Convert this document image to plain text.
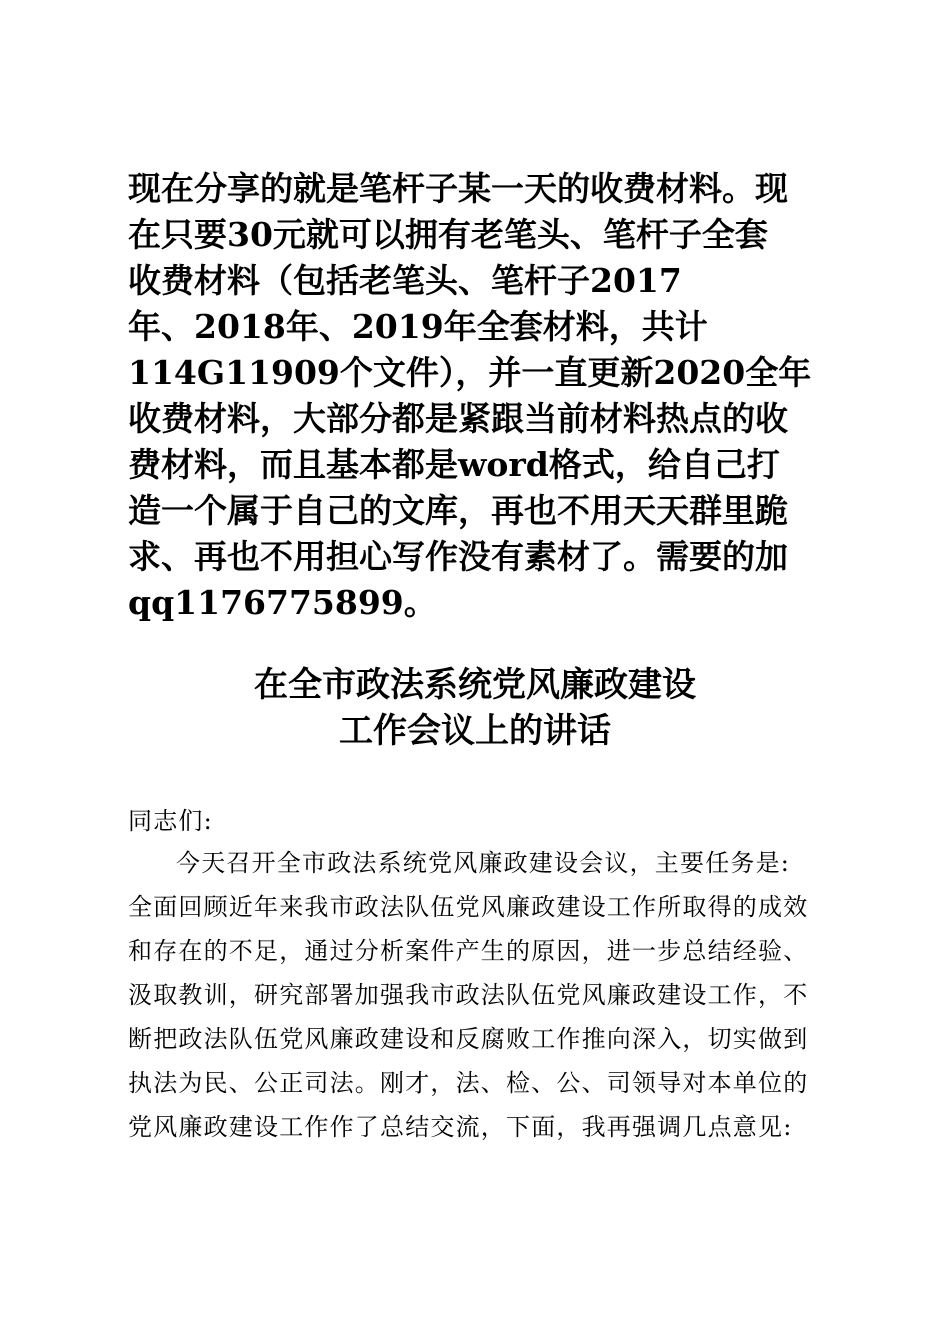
现在分享的就是笔杆子某一天的收费材料。现
在只要30元就可以拥有老笔头、笔杆子全套
收费材料（包括老笔头、笔杆子2017
年、2018年、2019年全套材料，共计
114G11909个文件），并一直更新2020全年
收费材料，大部分都是紧跟当前材料热点的收
费材料，而且基本都是word格式，给自己打
造一个属于自己的文库，再也不用天天群里跪
求、再也不用担心写作没有素材了。需要的加
qq1176775899。
在全市政法系统党风廉政建设
工作会议上的讲话
同志们:
今天召开全市政法系统党风廉政建设会议，主要任务是:
全面回顾近年来我市政法队伍党风廉政建设工作所取得的成效
和存在的不足，通过分析案件产生的原因，进一步总结经验、
汲取教训，研究部署加强我市政法队伍党风廉政建设工作，不
断把政法队伍党风廉政建设和反腐败工作推向深入，切实做到
执法为民、公正司法。刚才，法、检、公、司领导对本单位的
党风廉政建设工作作了总结交流，下面，我再强调几点意见:
